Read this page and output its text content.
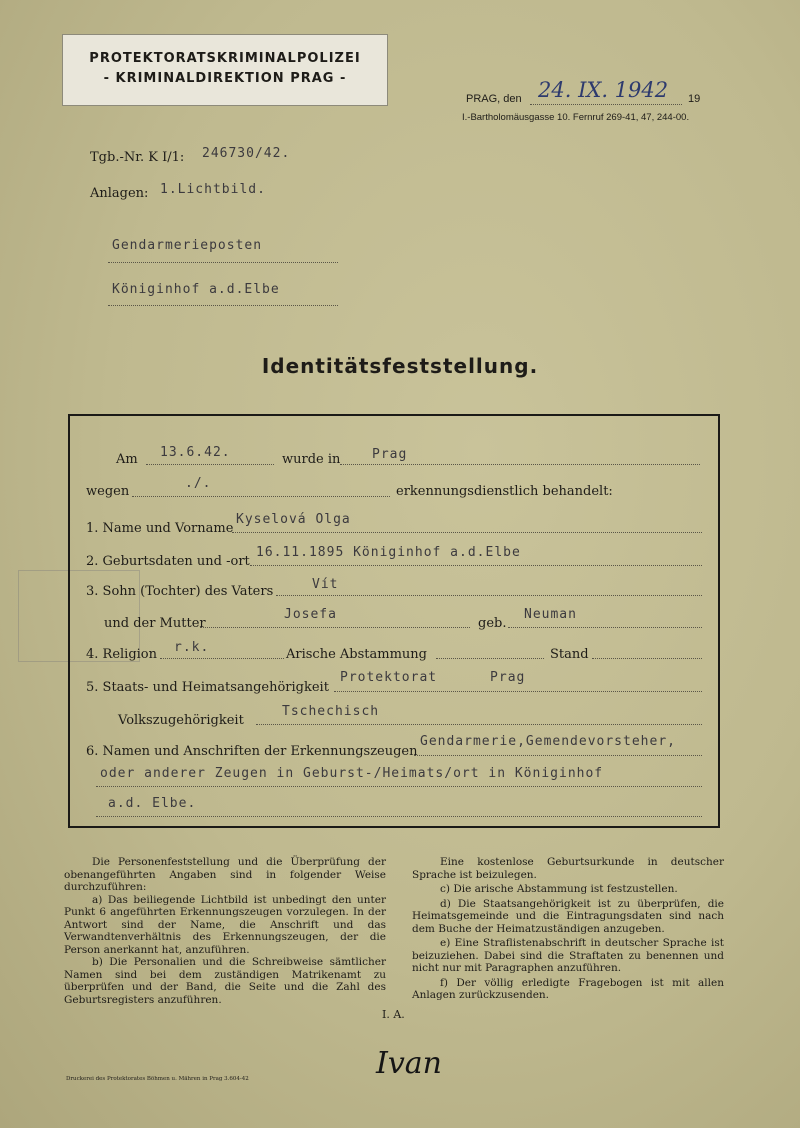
PROTEKTORATSKRIMINALPOLIZEI
- KRIMINALDIREKTION PRAG -
PRAG, den 24. IX. 1942 19
I.-Bartholomäusgasse 10. Fernruf 269-41, 47, 244-00.
Tgb.-Nr. K I/1: 246730/42.
Anlagen: 1.Lichtbild.
Gendarmerieposten
Königinhof a.d.Elbe
Identitätsfeststellung.
Am 13.6.42.	wurde in Prag
wegen
./.
erkennungsdienstlich behandelt:
1. Name und Vorname
Kyselová Olga
2. Geburtsdaten und -ort
16.11.1895 Königinhof a.d.Elbe
3. Sohn (Tochter) des Vaters	Vít
und der Mutter
Josefa
geb.
Neuman
4. Religion r.k.	Arische Abstammung	Stand
5. Staats- und Heimatsangehörigkeit
Protektorat      Prag
Volkszugehörigkeit
Tschechisch
6. Namen und Anschriften der Erkennungszeugen
Gendarmerie,Gemendevorsteher,
oder anderer Zeugen in Geburst-/Heimats/ort in Königinhof
a.d. Elbe.
Die Personenfeststellung und die Überprüfung der obenangeführten Angaben sind in folgender Weise durchzuführen:
a) Das beiliegende Lichtbild ist unbedingt den unter Punkt 6 angeführten Erkennungszeugen vorzulegen. In der Antwort sind der Name, die Anschrift und das Verwandtenverhältnis des Erkennungszeugen, der die Person anerkannt hat, anzuführen.
b) Die Personalien und die Schreibweise sämtlicher Namen sind bei dem zuständigen Matrikenamt zu überprüfen und der Band, die Seite und die Zahl des Geburtsregisters anzuführen.
Eine kostenlose Geburtsurkunde in deutscher Sprache ist beizulegen.
c) Die arische Abstammung ist festzustellen.
d) Die Staatsangehörigkeit ist zu überprüfen, die Heimatsgemeinde und die Eintragungsdaten sind nach dem Buche der Heimatzuständigen anzugeben.
e) Eine Straflistenabschrift in deutscher Sprache ist beizuziehen. Dabei sind die Straftaten zu benennen und nicht nur mit Paragraphen anzuführen.
f) Der völlig erledigte Fragebogen ist mit allen Anlagen zurückzusenden.
I. A.
Ivan
Druckerei des Protektorates Böhmen u. Mähren in Prag 3.604-42
